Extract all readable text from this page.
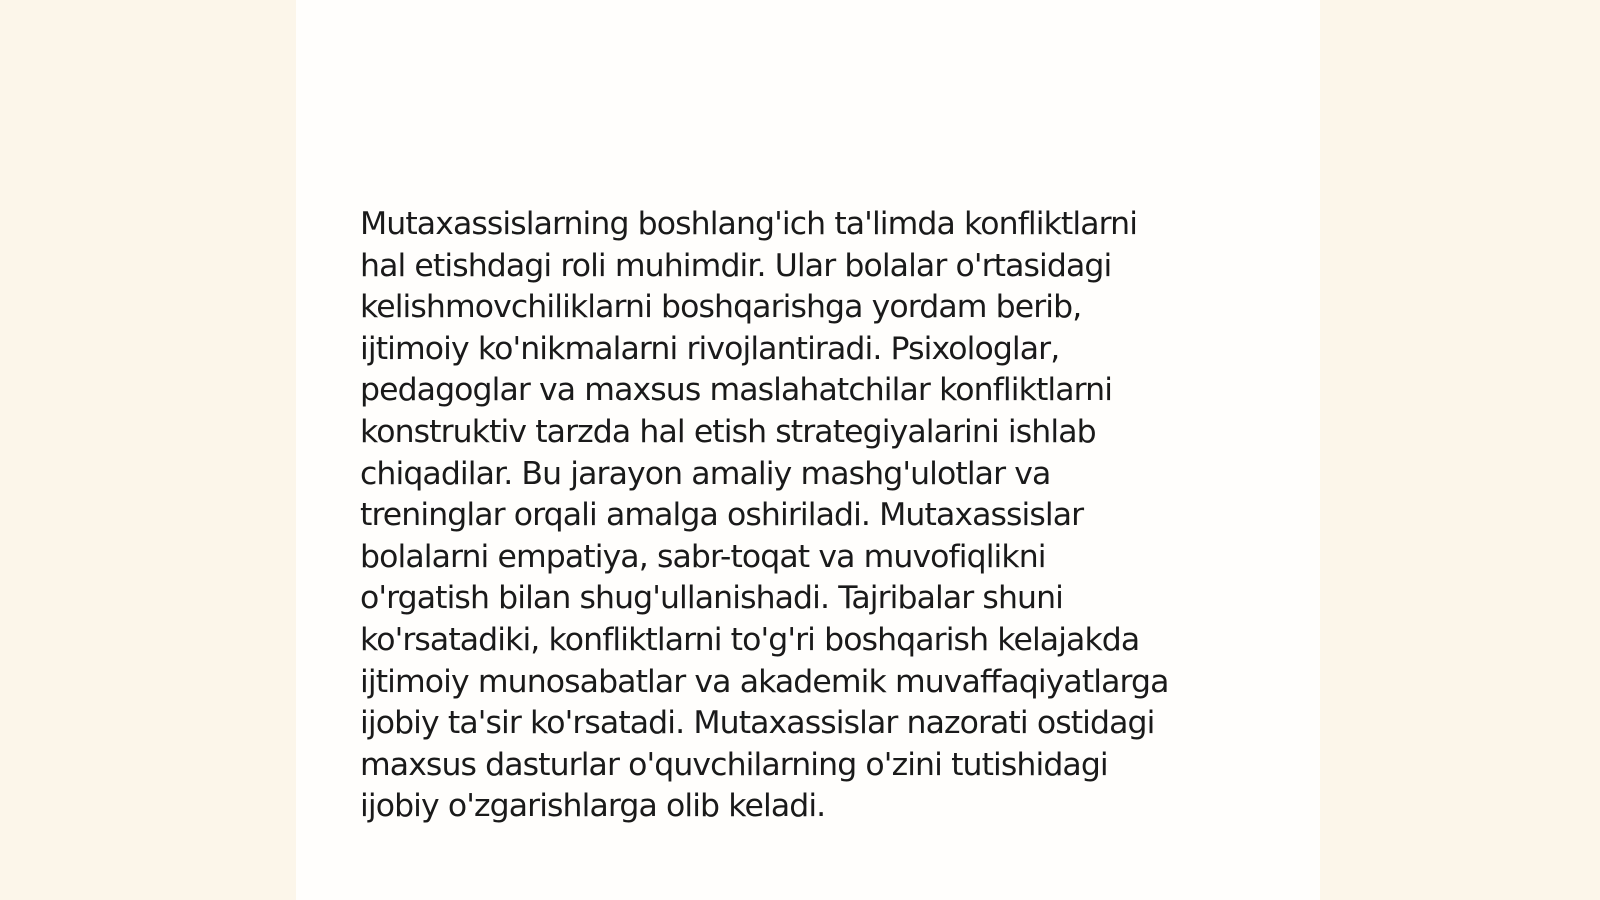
Mutaxassislarning boshlang'ich ta'limda konfliktlarni
hal etishdagi roli muhimdir. Ular bolalar o'rtasidagi
kelishmovchiliklarni boshqarishga yordam berib,
ijtimoiy ko'nikmalarni rivojlantiradi. Psixologlar,
pedagoglar va maxsus maslahatchilar konfliktlarni
konstruktiv tarzda hal etish strategiyalarini ishlab
chiqadilar. Bu jarayon amaliy mashg'ulotlar va
treninglar orqali amalga oshiriladi. Mutaxassislar
bolalarni empatiya, sabr-toqat va muvofiqlikni
o'rgatish bilan shug'ullanishadi. Tajribalar shuni
ko'rsatadiki, konfliktlarni to'g'ri boshqarish kelajakda
ijtimoiy munosabatlar va akademik muvaffaqiyatlarga
ijobiy ta'sir ko'rsatadi. Mutaxassislar nazorati ostidagi
maxsus dasturlar o'quvchilarning o'zini tutishidagi
ijobiy o'zgarishlarga olib keladi.
